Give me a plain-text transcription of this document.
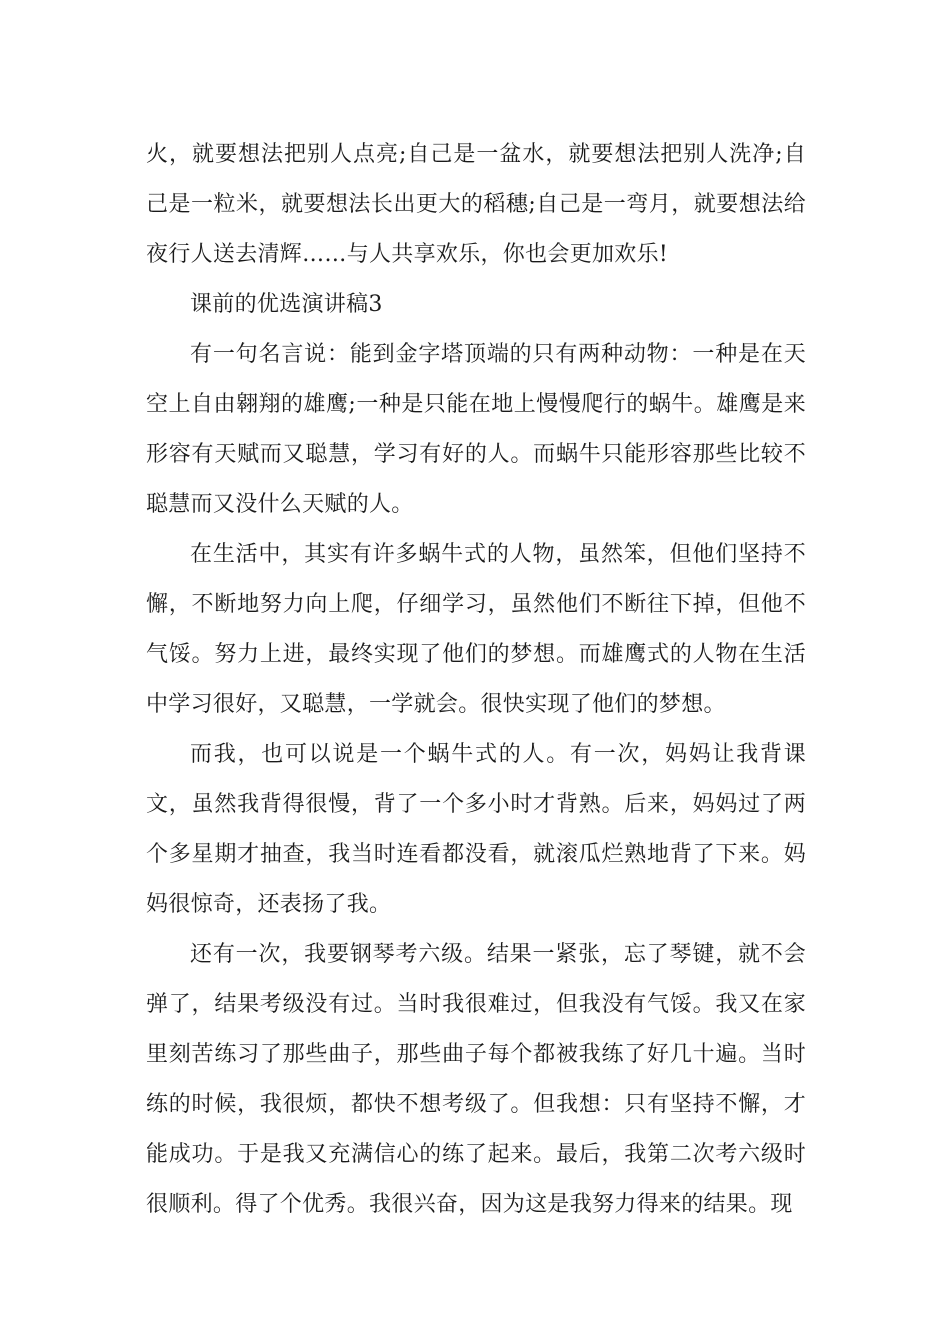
火，就要想法把别人点亮;自己是一盆水，就要想法把别人洗净;自己是一粒米，就要想法长出更大的稻穗;自己是一弯月，就要想法给夜行人送去清辉……与人共享欢乐，你也会更加欢乐!

课前的优选演讲稿3

有一句名言说：能到金字塔顶端的只有两种动物：一种是在天空上自由翱翔的雄鹰;一种是只能在地上慢慢爬行的蜗牛。雄鹰是来形容有天赋而又聪慧，学习有好的人。而蜗牛只能形容那些比较不聪慧而又没什么天赋的人。

在生活中，其实有许多蜗牛式的人物，虽然笨，但他们坚持不懈，不断地努力向上爬，仔细学习，虽然他们不断往下掉，但他不气馁。努力上进，最终实现了他们的梦想。而雄鹰式的人物在生活中学习很好，又聪慧，一学就会。很快实现了他们的梦想。

而我，也可以说是一个蜗牛式的人。有一次，妈妈让我背课文，虽然我背得很慢，背了一个多小时才背熟。后来，妈妈过了两个多星期才抽查，我当时连看都没看，就滚瓜烂熟地背了下来。妈妈很惊奇，还表扬了我。

还有一次，我要钢琴考六级。结果一紧张，忘了琴键，就不会弹了，结果考级没有过。当时我很难过，但我没有气馁。我又在家里刻苦练习了那些曲子，那些曲子每个都被我练了好几十遍。当时练的时候，我很烦，都快不想考级了。但我想：只有坚持不懈，才能成功。于是我又充满信心的练了起来。最后，我第二次考六级时很顺利。得了个优秀。我很兴奋，因为这是我努力得来的结果。现
